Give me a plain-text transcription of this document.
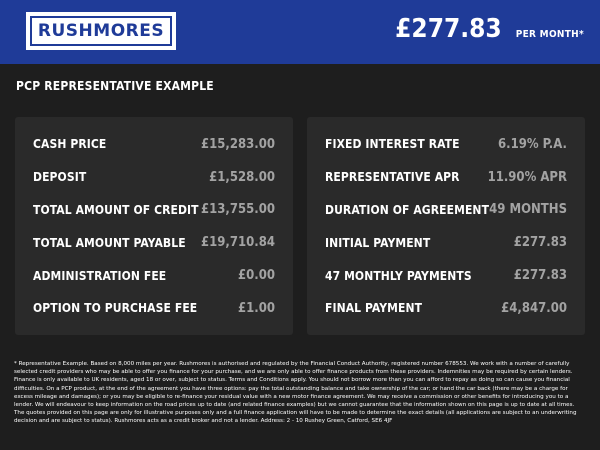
RUSHMORES	£277.83 PER MONTH*
PCP REPRESENTATIVE EXAMPLE
CASH PRICE	£15,283.00
DEPOSIT	£1,528.00
TOTAL AMOUNT OF CREDIT £13,755.00
TOTAL AMOUNT PAYABLE £19,710.84
ADMINISTRATION FEE	£0.00
OPTION TO PURCHASE FEE	£1.00
FIXED INTEREST RATE	6.19% P.A.
REPRESENTATIVE APR 11.90% APR
DURATION OF AGREEMENT 49 MONTHS
INITIAL PAYMENT	£277.83
47 MONTHLY PAYMENTS	£277.83
FINAL PAYMENT	£4,847.00
* Representative Example. Based on 8,000 miles per year. Rushmores is authorised and regulated by the Financial Conduct Authority, registered number 678553. We work with a number of carefully selected credit providers who may be able to offer you finance for your purchase, and we are only able to offer finance products from these providers. Indemnities may be required by certain lenders. Finance is only available to UK residents, aged 18 or over, subject to status. Terms and Conditions apply. You should not borrow more than you can afford to repay as doing so can cause you financial difficulties. On a PCP product, at the end of the agreement you have three options: pay the total outstanding balance and take ownership of the car; or hand the car back (there may be a charge for excess mileage and damages); or you may be eligible to re-finance your residual value with a new motor finance agreement. We may receive a commission or other benefits for introducing you to a lender. We will endeavour to keep information on the road prices up to date (and related finance examples) but we cannot guarantee that the information shown on this page is up to date at all times. The quotes provided on this page are only for illustrative purposes only and a full finance application will have to be made to determine the exact details (all applications are subject to an underwriting decision and are subject to status). Rushmores acts as a credit broker and not a lender. Address: 2 - 10 Rushey Green, Catford, SE6 4JF
